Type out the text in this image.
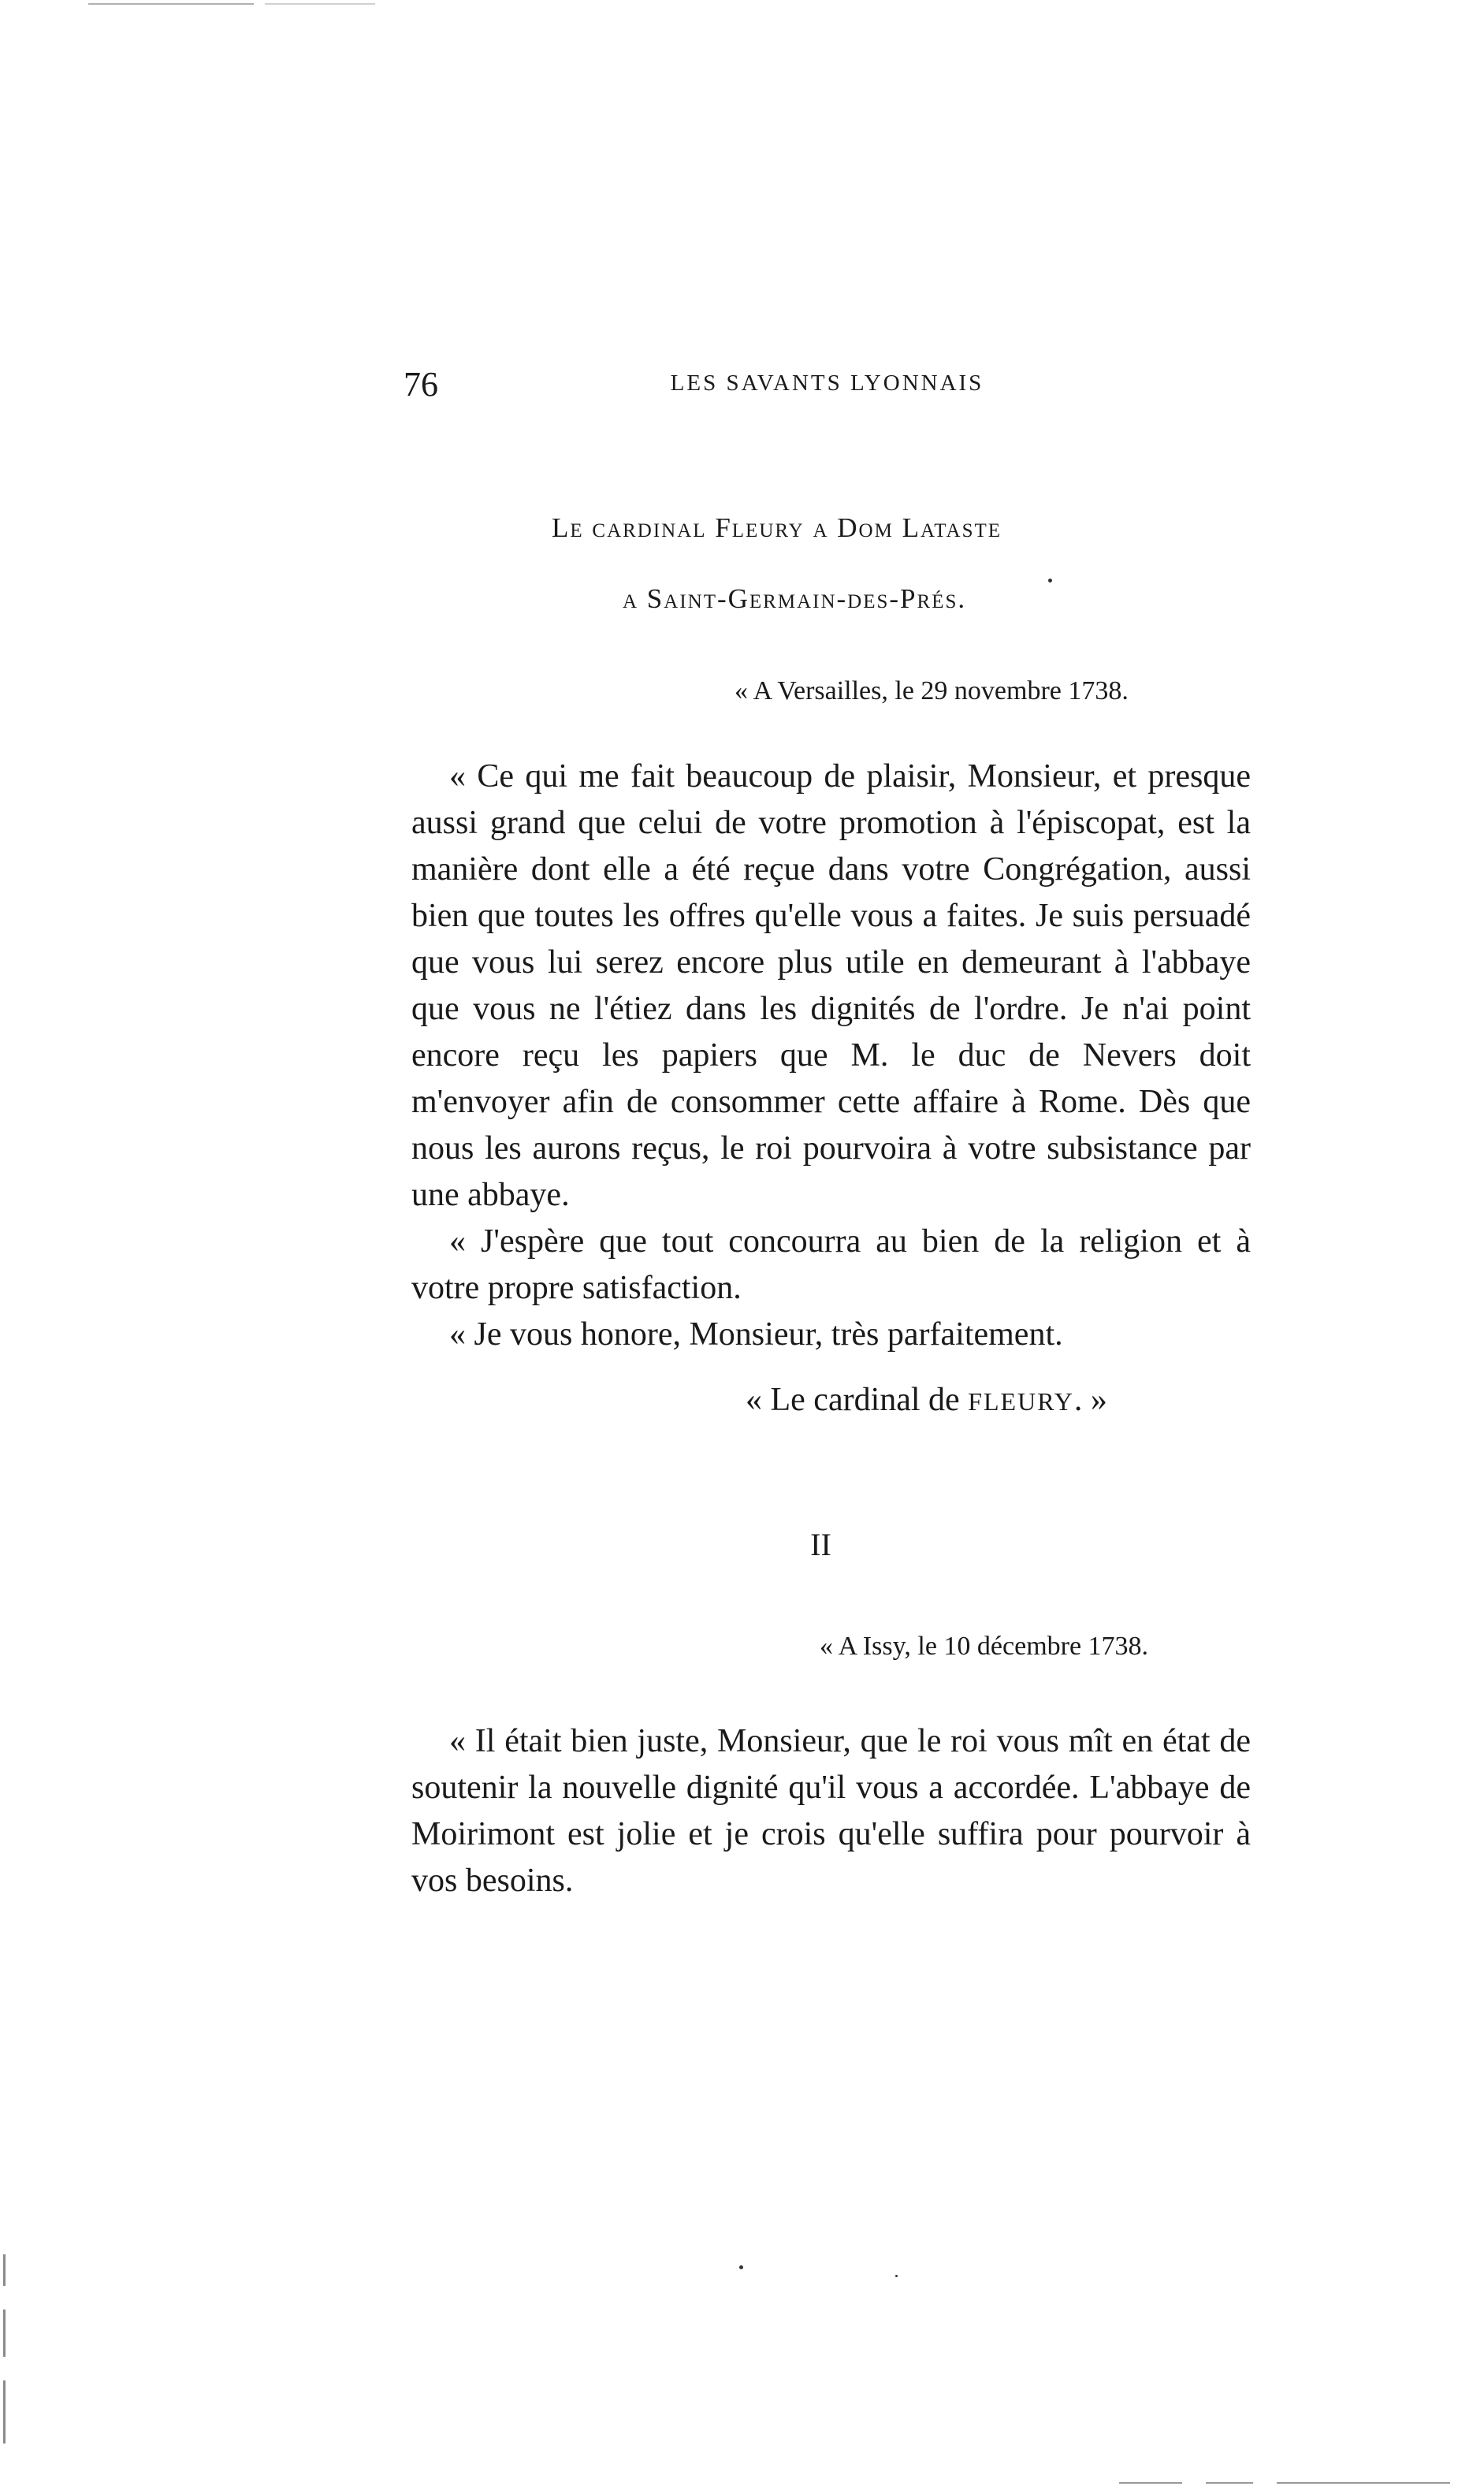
76	LES SAVANTS LYONNAIS
Le cardinal Fleury a Dom Lataste
a Saint-Germain-des-Prés.
« A Versailles, le 29 novembre 1738.

« Ce qui me fait beaucoup de plaisir, Monsieur, et presque aussi grand que celui de votre promotion à l'épiscopat, est la manière dont elle a été reçue dans votre Congrégation, aussi bien que toutes les offres qu'elle vous a faites. Je suis persuadé que vous lui serez encore plus utile en demeurant à l'abbaye que vous ne l'étiez dans les dignités de l'ordre. Je n'ai point encore reçu les papiers que M. le duc de Nevers doit m'envoyer afin de consommer cette affaire à Rome. Dès que nous les aurons reçus, le roi pourvoira à votre subsistance par une abbaye.

« J'espère que tout concourra au bien de la religion et à votre propre satisfaction.

« Je vous honore, Monsieur, très parfaitement.

« Le cardinal de FLEURY. »
II
« A Issy, le 10 décembre 1738.

« Il était bien juste, Monsieur, que le roi vous mît en état de soutenir la nouvelle dignité qu'il vous a accordée. L'abbaye de Moirimont est jolie et je crois qu'elle suffira pour pourvoir à vos besoins.
